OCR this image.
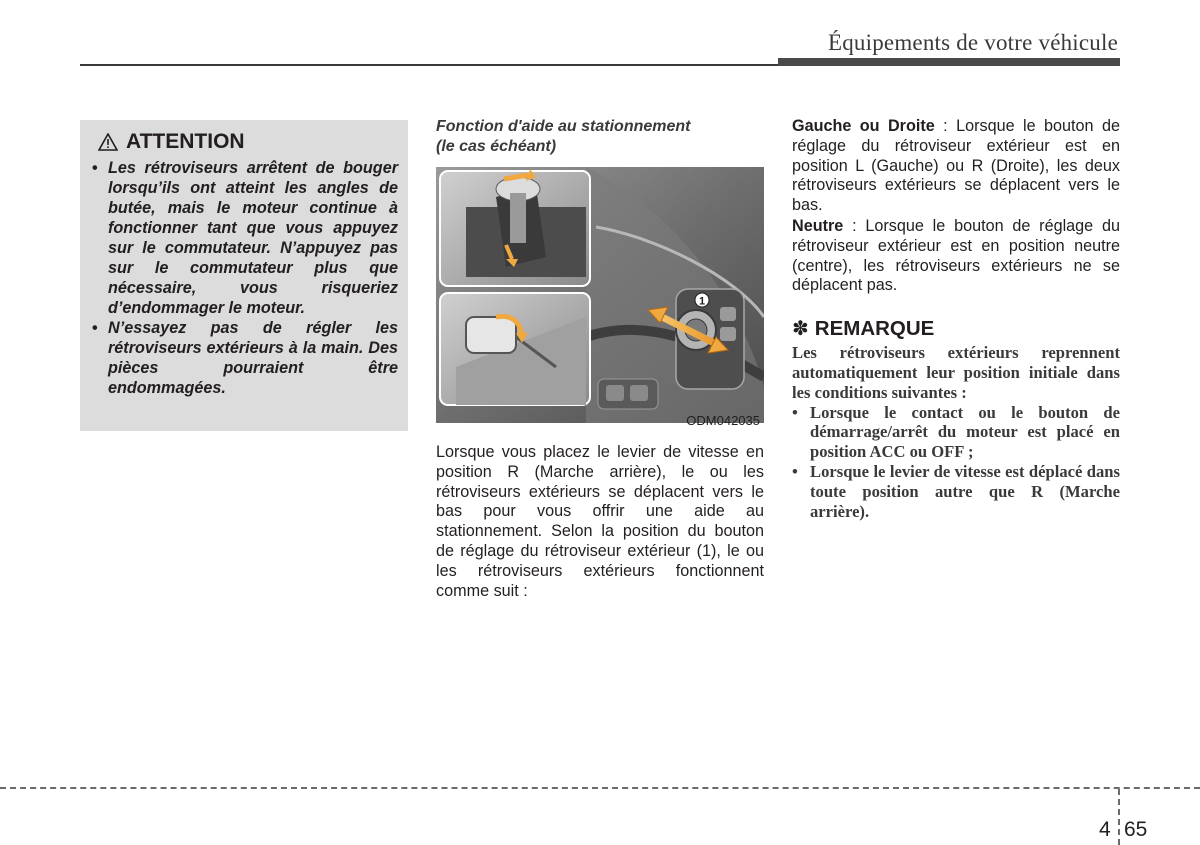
Équipements de votre véhicule
ATTENTION
• Les rétroviseurs arrêtent de bouger lorsqu’ils ont atteint les angles de butée, mais le moteur continue à fonctionner tant que vous appuyez sur le commutateur. N’appuyez pas sur le commutateur plus que nécessaire, vous risqueriez d’endommager le moteur.
• N’essayez pas de régler les rétroviseurs extérieurs à la main. Des pièces pourraient être endommagées.
Fonction d'aide au stationnement
(le cas échéant)
1
ODM042035
Lorsque vous placez le levier de vitesse en position R (Marche arrière), le ou les rétroviseurs extérieurs se déplacent vers le bas pour vous offrir une aide au stationnement. Selon la position du bouton de réglage du rétroviseur extérieur (1), le ou les rétroviseurs extérieurs fonctionnent comme suit :
Gauche ou Droite : Lorsque le bouton de réglage du rétroviseur extérieur est en position L (Gauche) ou R (Droite), les deux rétroviseurs extérieurs se déplacent vers le bas.
Neutre : Lorsque le bouton de réglage du rétroviseur extérieur est en position neutre (centre), les rétroviseurs extérieurs ne se déplacent pas.
✽ REMARQUE
Les rétroviseurs extérieurs reprennent automatiquement leur position initiale dans les conditions suivantes :
• Lorsque le contact ou le bouton de démarrage/arrêt du moteur est placé en position ACC ou OFF ;
• Lorsque le levier de vitesse est déplacé dans toute position autre que R (Marche arrière).
4 65
